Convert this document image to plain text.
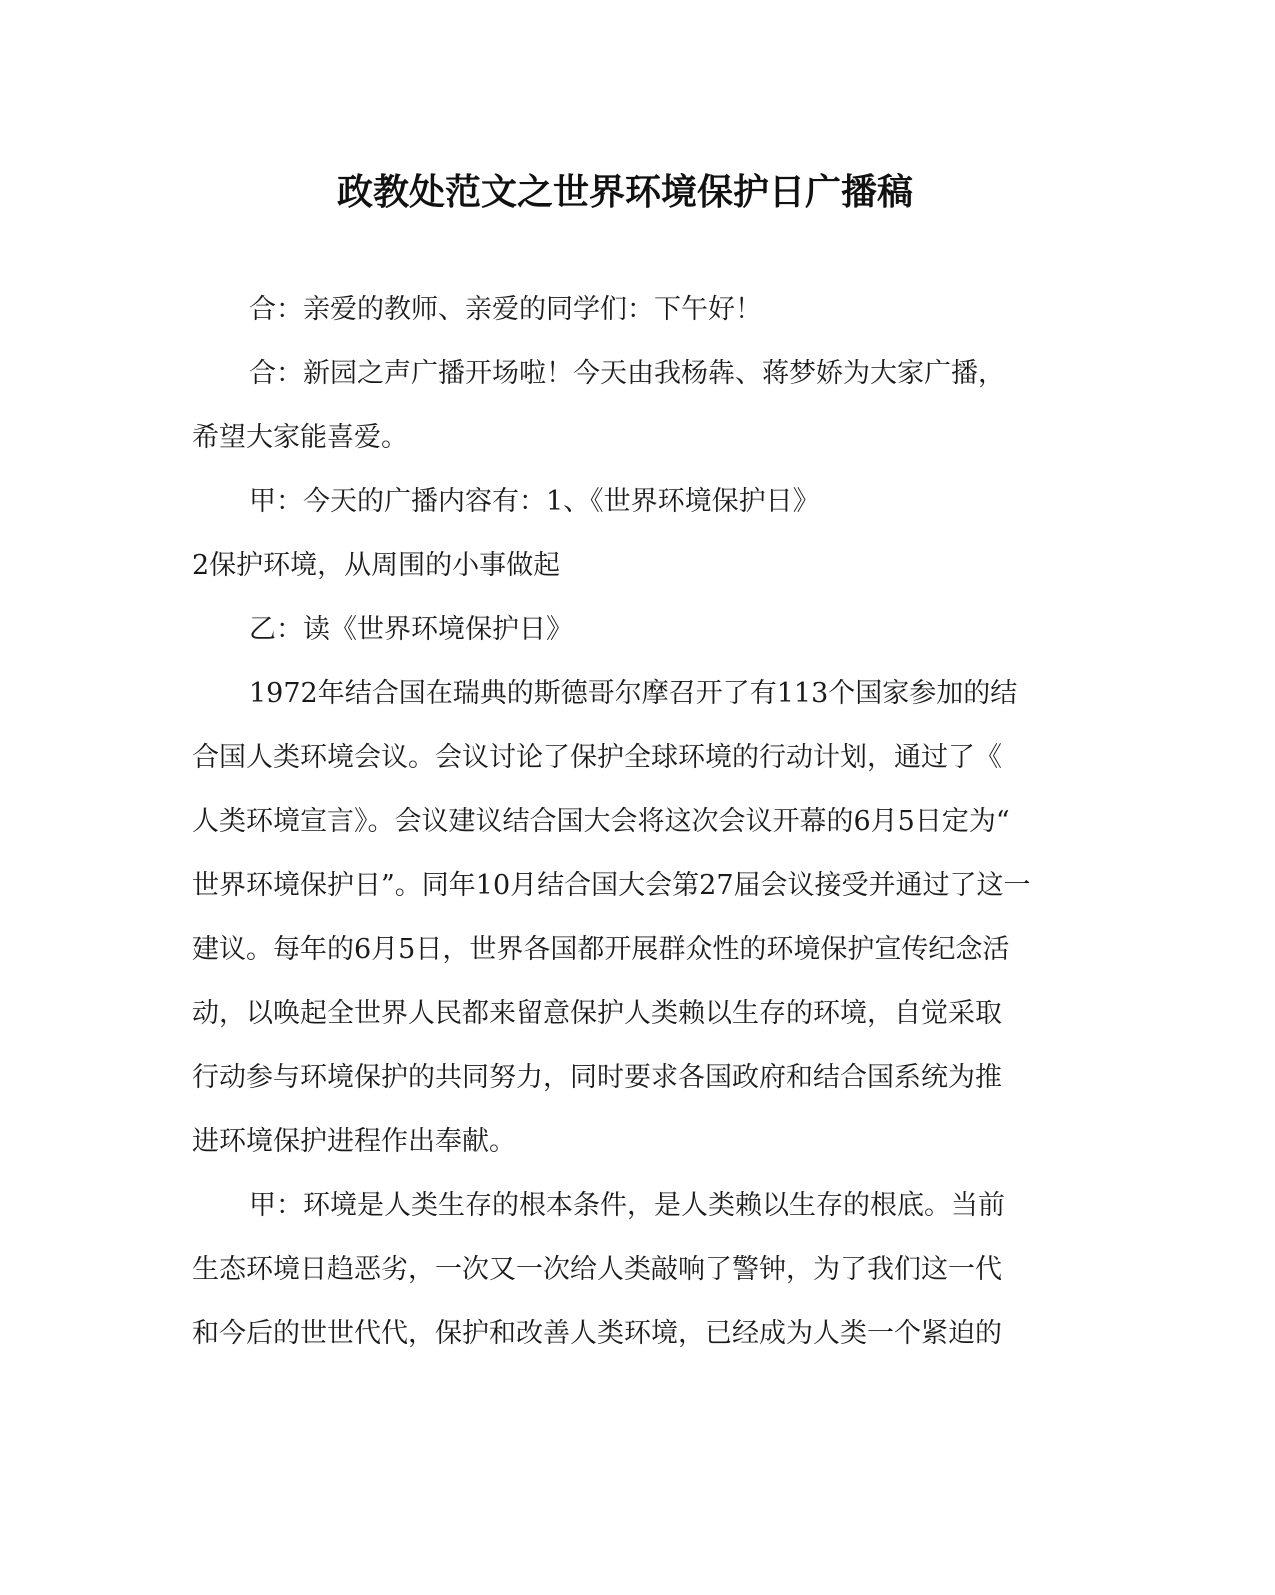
政教处范文之世界环境保护日广播稿
合：亲爱的教师、亲爱的同学们：下午好！
合：新园之声广播开场啦！今天由我杨犇、蒋梦娇为大家广播，
希望大家能喜爱。
甲：今天的广播内容有：1、《世界环境保护日》
2保护环境，从周围的小事做起
乙：读《世界环境保护日》
1972年结合国在瑞典的斯德哥尔摩召开了有113个国家参加的结
合国人类环境会议。会议讨论了保护全球环境的行动计划，通过了《
人类环境宣言》。会议建议结合国大会将这次会议开幕的6月5日定为“
世界环境保护日”。同年10月结合国大会第27届会议接受并通过了这一
建议。每年的6月5日，世界各国都开展群众性的环境保护宣传纪念活
动，以唤起全世界人民都来留意保护人类赖以生存的环境，自觉采取
行动参与环境保护的共同努力，同时要求各国政府和结合国系统为推
进环境保护进程作出奉献。
甲：环境是人类生存的根本条件，是人类赖以生存的根底。当前
生态环境日趋恶劣，一次又一次给人类敲响了警钟，为了我们这一代
和今后的世世代代，保护和改善人类环境，已经成为人类一个紧迫的
